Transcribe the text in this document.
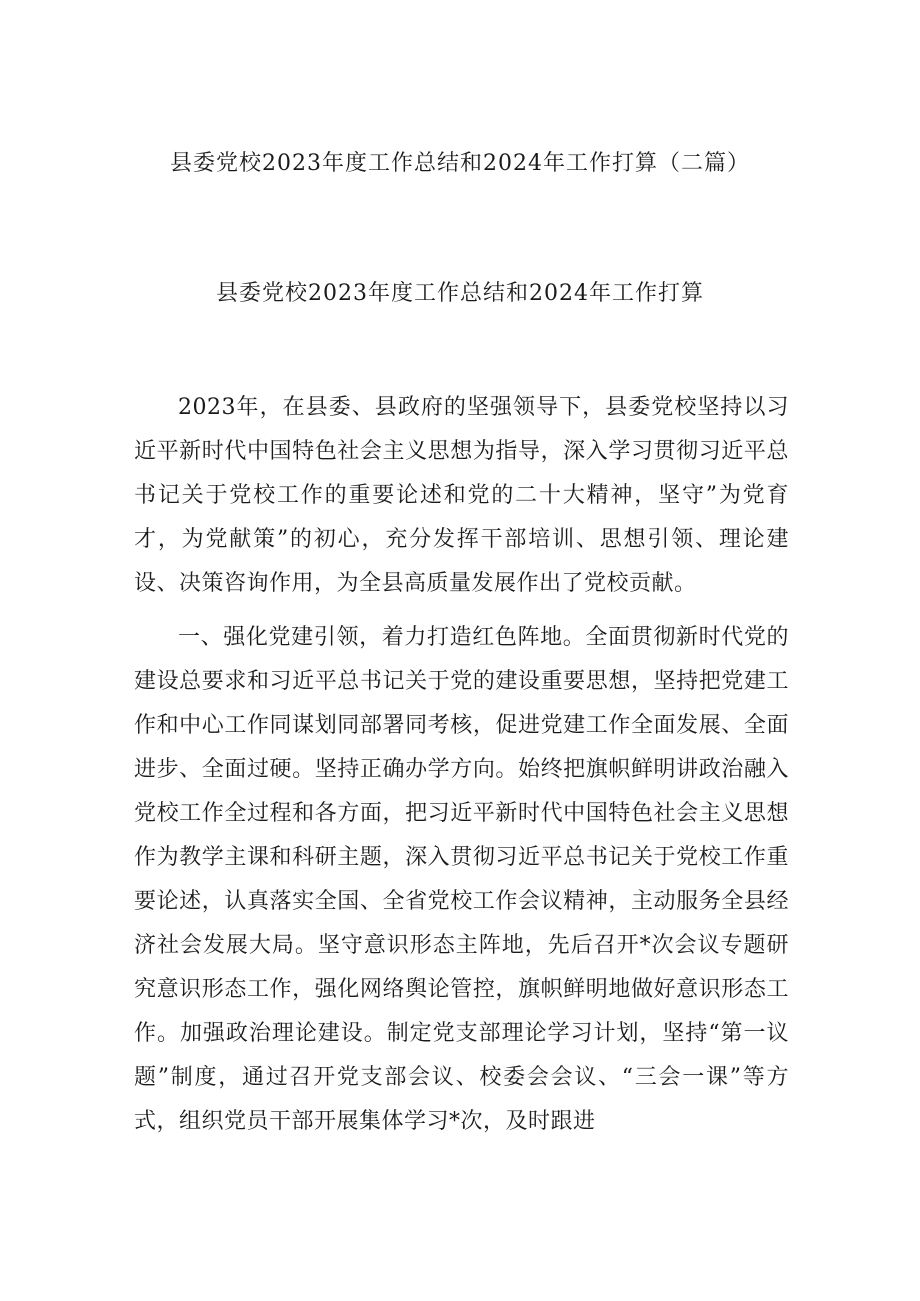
县委党校2023年度工作总结和2024年工作打算（二篇）
县委党校2023年度工作总结和2024年工作打算

2023年，在县委、县政府的坚强领导下，县委党校坚持以习近平新时代中国特色社会主义思想为指导，深入学习贯彻习近平总书记关于党校工作的重要论述和党的二十大精神，坚守”为党育才，为党献策”的初心，充分发挥干部培训、思想引领、理论建设、决策咨询作用，为全县高质量发展作出了党校贡献。

一、强化党建引领，着力打造红色阵地。全面贯彻新时代党的建设总要求和习近平总书记关于党的建设重要思想，坚持把党建工作和中心工作同谋划同部署同考核，促进党建工作全面发展、全面进步、全面过硬。坚持正确办学方向。始终把旗帜鲜明讲政治融入党校工作全过程和各方面，把习近平新时代中国特色社会主义思想作为教学主课和科研主题，深入贯彻习近平总书记关于党校工作重要论述，认真落实全国、全省党校工作会议精神，主动服务全县经济社会发展大局。坚守意识形态主阵地，先后召开*次会议专题研究意识形态工作，强化网络舆论管控，旗帜鲜明地做好意识形态工作。加强政治理论建设。制定党支部理论学习计划，坚持“第一议题”制度，通过召开党支部会议、校委会会议、“三会一课”等方式，组织党员干部开展集体学习*次，及时跟进
